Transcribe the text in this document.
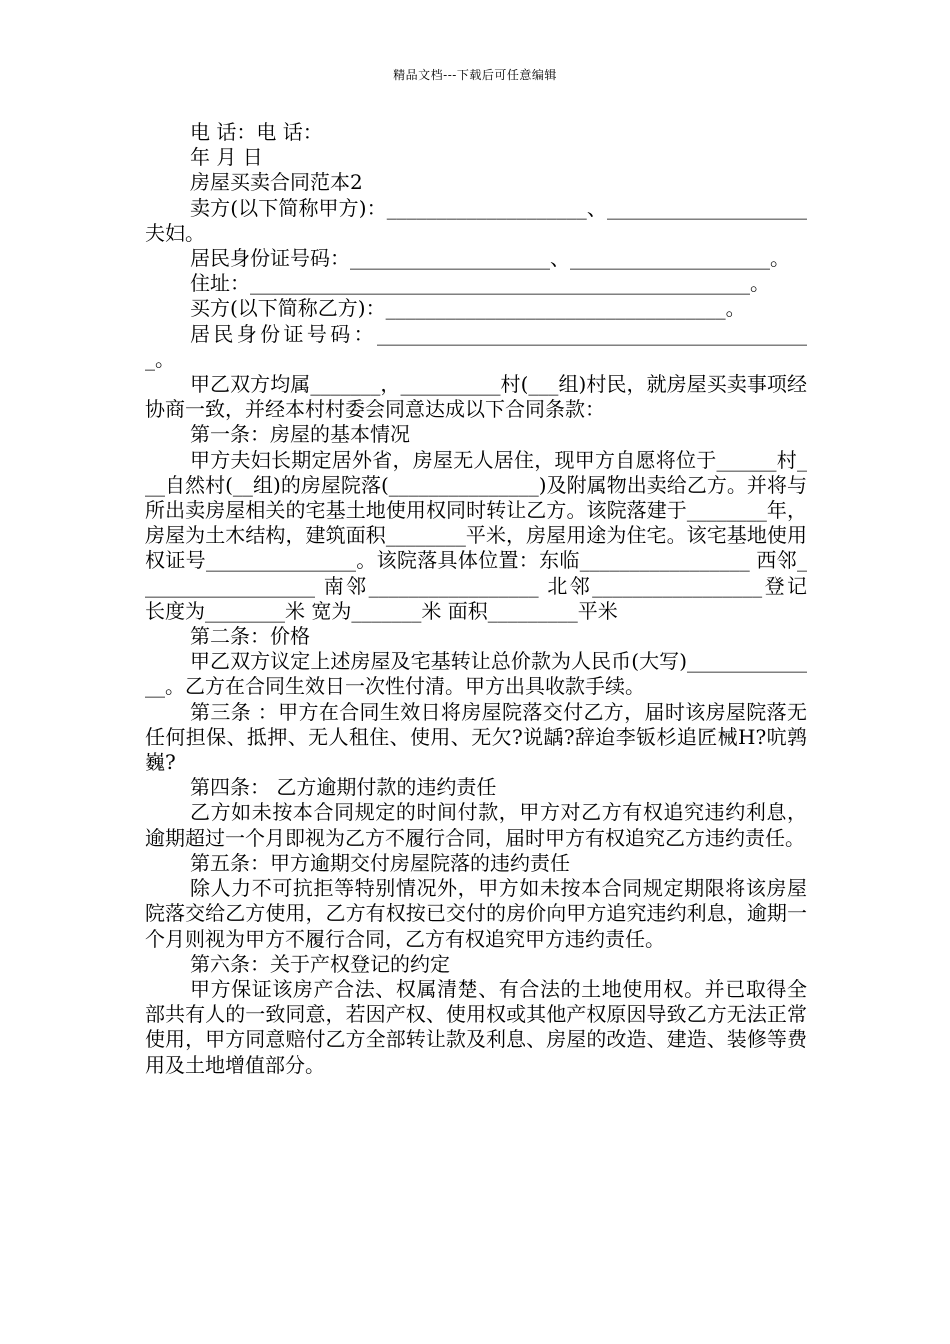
精品文档---下载后可任意编辑

电 话：电 话：

年 月 日

房屋买卖合同范本2

卖方(以下简称甲方)：____________________、____________________夫妇。

居民身份证号码：____________________、____________________。

住址：__________________________________________________。

买方(以下简称乙方)：__________________________________。

居民身份证号码：____________________________________________。

甲乙双方均属_______，__________村(___组)村民，就房屋买卖事项经协商一致，并经本村村委会同意达成以下合同条款：

第一条：房屋的基本情况

甲方夫妇长期定居外省，房屋无人居住，现甲方自愿将位于______村___自然村(__组)的房屋院落(_______________)及附属物出卖给乙方。并将与所出卖房屋相关的宅基土地使用权同时转让乙方。该院落建于________年，房屋为土木结构，建筑面积________平米，房屋用途为住宅。该宅基地使用权证号_______________。该院落具体位置：东临_________________ 西邻__________________ 南邻_________________ 北邻_________________登记长度为________米 宽为_______米 面积_________平米

第二条：价格

甲乙双方议定上述房屋及宅基转让总价款为人民币(大写)______________。乙方在合同生效日一次性付清。甲方出具收款手续。

第三条 ：甲方在合同生效日将房屋院落交付乙方，届时该房屋院落无任何担保、抵押、无人租住、使用、无欠?说龋?辞迨李钣杉追匠械H?吭鹑巍?

第四条： 乙方逾期付款的违约责任

乙方如未按本合同规定的时间付款，甲方对乙方有权追究违约利息，逾期超过一个月即视为乙方不履行合同，届时甲方有权追究乙方违约责任。

第五条：甲方逾期交付房屋院落的违约责任

除人力不可抗拒等特别情况外，甲方如未按本合同规定期限将该房屋院落交给乙方使用，乙方有权按已交付的房价向甲方追究违约利息，逾期一个月则视为甲方不履行合同，乙方有权追究甲方违约责任。

第六条：关于产权登记的约定

甲方保证该房产合法、权属清楚、有合法的土地使用权。并已取得全部共有人的一致同意，若因产权、使用权或其他产权原因导致乙方无法正常使用，甲方同意赔付乙方全部转让款及利息、房屋的改造、建造、装修等费用及土地增值部分。
